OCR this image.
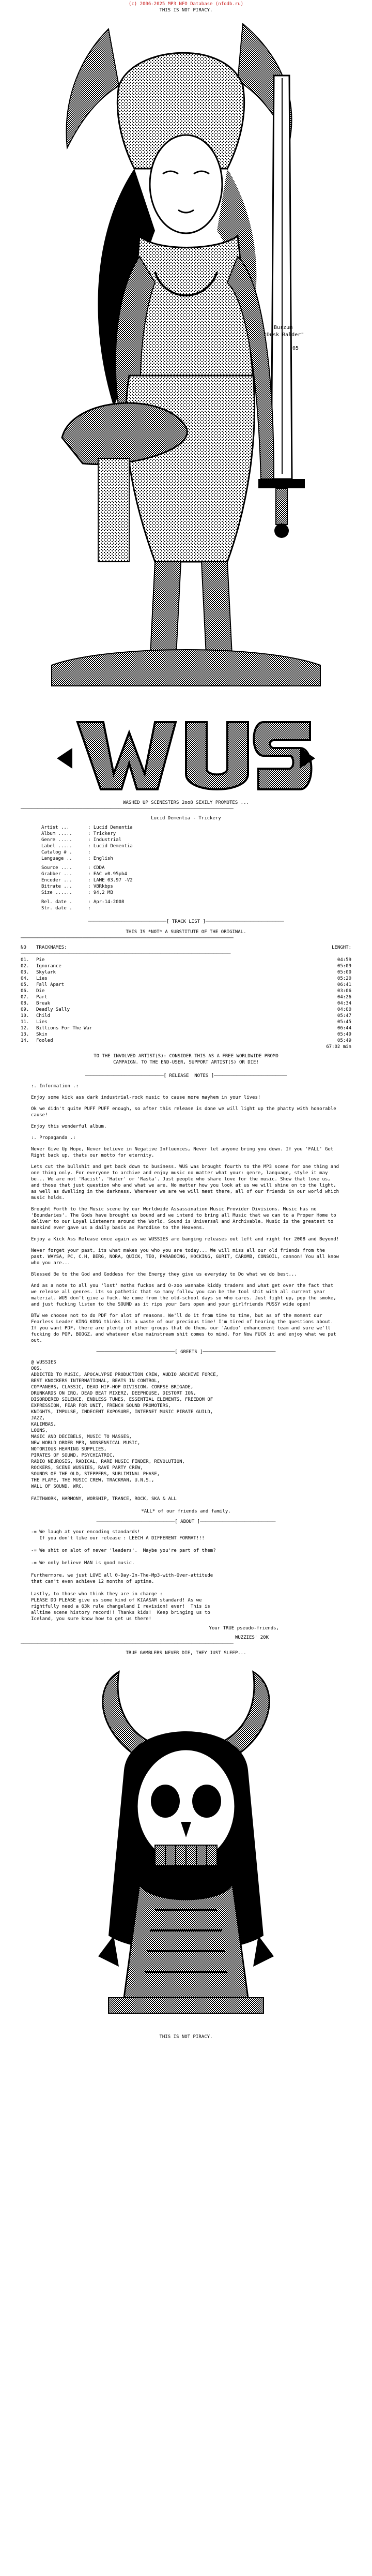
(c) 2006-2025 MP3 NFO Database (nfodb.ru)
THIS IS NOT PIRACY.
Burzum
"Dusk Balder"
'05
WASHED UP SCENESTERS 2oo8 SEXILY PROMOTES ...
────────────────────────────────────────────────────────────────────────────
Lucid Dementia - Trickery
Artist ...	: Lucid Dementia
Album .....	: Trickery
Genre .....	: Industrial
Label .....	: Lucid Dementia
Catalog # .	:
Language ..	: English
Source ....	: CDDA
Grabber ...	: EAC v0.95pb4
Encoder ...	: LAME 03.97 -V2
Bitrate ...	: VBRkbps
Size ......	: 94,2 MB
Rel. date .	: Apr-14-2008
Str. date .	:
────────────────────────────[ TRACK LIST ]────────────────────────────
THIS IS *NOT* A SUBSTITUTE OF THE ORIGINAL.
────────────────────────────────────────────────────────────────────────────
NO	TRACKNAMES:	LENGHT:
───────────────────────────────────────────────────────────────────────────
01.	Pie	04:59
02.	Ignorance	05:09
03.	Skylark	05:00
04.	Lies	05:20
05.	Fall Apart	06:41
06.	Die	03:06
07.	Part	04:26
08.	Break	04:34
09.	Deadly Sally	04:00
10.	Child	05:47
11.	Lies	05:45
12.	Billions For The War	06:44
13.	Skin	05:49
14.	Fooled	05:49
67:02 min
TO THE INVOLVED ARTIST(S): CONSIDER THIS AS A FREE WORLDWIDE PROMO
CAMPAIGN. TO THE END-USER, SUPPORT ARTIST(S) OR DIE!
────────────────────────────[ RELEASE  NOTES ]──────────────────────────

:. Information .:

Enjoy some kick ass dark industrial-rock music to cause more mayhem in your lives!

Ok we didn't quite PUFF PUFF enough, so after this release is done we will light up the phatty with honorable cause!

Enjoy this wonderful album.

:. Propaganda .:

Never Give Up Hope, Never believe in Negative Influences, Never let anyone bring you down. If you 'FALL' Get Right back up, thats our motto for eternity.

Lets cut the bullshit and get back down to business. WUS was brought fourth to the MP3 scene for one thing and one thing only. For everyone to archive and enjoy music no matter what your: genre, language, style it may be... We are not 'Racist', 'Hater' or 'Rasta'. Just people who share love for the music. Show that love us, and those that just question who and what we are. No matter how you look at us we will shine on to the light, as well as dwelling in the darkness. Wherever we are we will meet there, all of our friends in our world which music holds.

Brought Forth to the Music scene by our Worldwide Assassination Music Provider Divisions. Music has no 'Boundaries'. The Gods have brought us bound and we intend to bring all Music that we can to a Proper Home to deliver to our Loyal Listeners around the World. Sound is Universal and Archivable. Music is the greatest to mankind ever gave us a daily basis as Parodise to the Heavens.

Enjoy a Kick Ass Release once again as we WUSSIES are banging releases out left and right for 2008 and Beyond!

Never forget your past, its what makes you who you are today... We will miss all our old friends from the past. WAYSA, PC, C.H, BERG, NORA, QUICK, TEO, PARABOING, HOCKING, GURIT, CAROMB, CONSOIL, cannon! You all know who you are...

Blessed Be to the God and Goddess for the Energy they give us everyday to Do what we do best...

And as a note to all you 'lost' moths fuckos and O-zoo wannabe kiddy traders and what get over the fact that we release all genres. its so pathetic that so many follow you can be the tool shit with all current year material. WUS don't give a fuck. We come from the old-school days so who cares. Just fight up, pop the smoke, and just fucking listen to the SOUND as it rips your Ears open and your girlfriends PUSSY wide open!

BTW we choose not to do PDF for alot of reasons. We'll do it from time to time, but as of the moment our Fearless Leader KING KONG thinks its a waste of our precious time! I'm tired of hearing the questions about. If you want PDF, there are plenty of other groups that do them, our 'Audio' enhancement team and sure we'll fucking do POP, BOOGZ, and whatever else mainstream shit comes to mind. For Now FUCK it and enjoy what we put out.

────────────────────────────[ GREETS ]──────────────────────────
@ WUSSIES
OOS,
ADDICTED TO MUSIC, APOCALYPSE PRODUCTION CREW, AUDIO ARCHIVE FORCE,
BEST KNOCKERS INTERNATIONAL, BEATS IN CONTROL,
COMPANERS, CLASSIC, DEAD HIP-HOP DIVISION, CORPSE BRIGADE,
DRUNKARDS ON IRQ, DEAD BEAT MIXERZ, DEEPHOUSE, DISTORT ION,
DISORDERED SILENCE, ENDLESS TUNES, ESSENTIAL ELEMENTS, FREEDOM OF
EXPRESSION, FEAR FOR UNIT, FRENCH SOUND PROMOTERS,
KNIGHTS, IMPULSE, INDECENT EXPOSURE, INTERNET MUSIC PIRATE GUILD,
JAZZ,
KALIMBAS,
LOONS,
MAGIC AND DECIBELS, MUSIC TO MASSES,
NEW WORLD ORDER MP3, NONSENSICAL MUSIC,
NOTORIOUS HEARING SUPPLIES,
PIRATES OF SOUND, PSYCHIATRIC,
RADIO NEUROSIS, RADICAL, RARE MUSIC FINDER, REVOLUTION,
ROCKERS, SCENE WUSSIES, RAVE PARTY CREW,
SOUNDS OF THE OLD, STEPPERS, SUBLIMINAL PHASE,
THE FLAME, THE MUSIC CREW, TRACKMAN, U.N.S.,
WALL OF SOUND, WRC,
FAITHWORK, HARMONY, WORSHIP, TRANCE, ROCK, SKA & ALL
*ALL* of our friends and family.
────────────────────────────[ ABOUT ]───────────────────────────
-= We laugh at your encoding standards!
If you don't like our release : LEECH A DIFFERENT FORMAT!!!
-= We shit on alot of never 'leaders'.  Maybe you're part of them?
-= We only believe MAN is good music.
Furthermore, we just LOVE all 0-Day-In-The-Mp3-with-Over-attitude
that can't even achieve 12 months of uptime.
Lastly, to those who think they are in charge :
PLEASE DO PLEASE give us some kind of KIAASAR standard! As we
rightfully need a 63k rule changeland I revision! ever!  This is
alltime scene history record!! Thanks kids!  Keep bringing us to
Iceland, you sure know how to get us there!
Your TRUE pseudo-friends,
WUZZIES' 20K
────────────────────────────────────────────────────────────────────────────
TRUE GAMBLERS NEVER DIE, THEY JUST SLEEP...
THIS IS NOT PIRACY.
